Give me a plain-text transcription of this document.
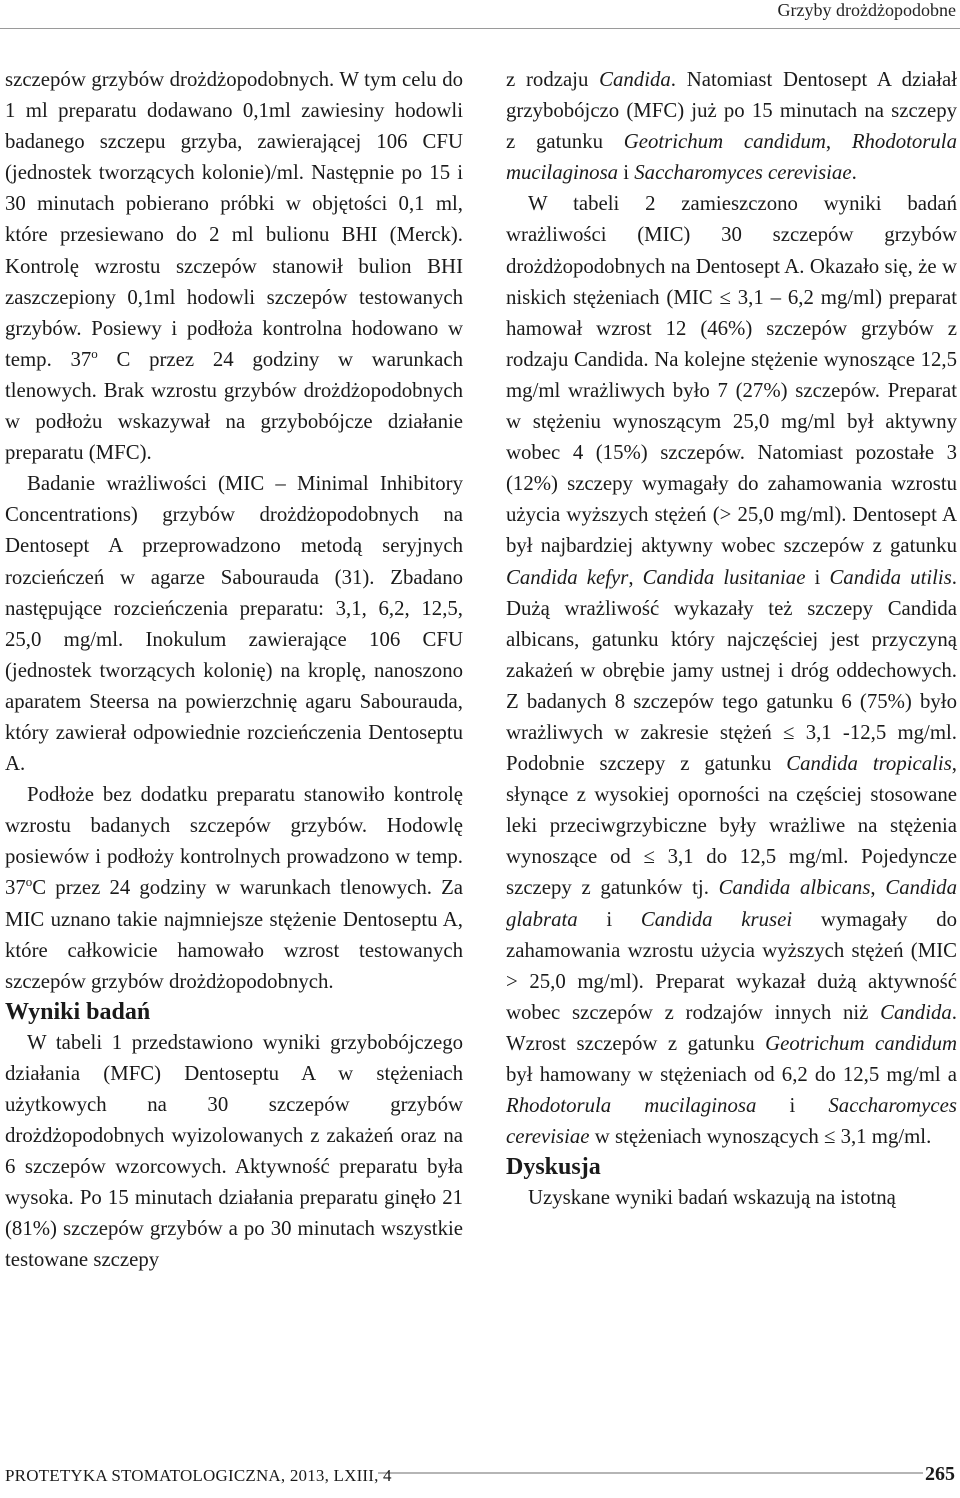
Grzyby drożdżopodobne

szczepów grzybów drożdżopodobnych. W tym celu do 1 ml preparatu dodawano 0,1ml zawiesiny hodowli badanego szczepu grzyba, zawierającej 106 CFU (jednostek tworzących kolonie)/ml. Następnie po 15 i 30 minutach pobierano próbki w objętości 0,1 ml, które przesiewano do 2 ml bulionu BHI (Merck). Kontrolę wzrostu szczepów stanowił bulion BHI zaszczepiony 0,1ml hodowli szczepów testowanych grzybów. Posiewy i podłoża kontrolna hodowano w temp. 37$^o$ C przez 24 godziny w warunkach tlenowych. Brak wzrostu grzybów drożdżopodobnych w podłożu wskazywał na grzybobójcze działanie preparatu (MFC).

Badanie wrażliwości (MIC – Minimal Inhibitory Concentrations) grzybów drożdżopodobnych na Dentosept A przeprowadzono metodą seryjnych rozcieńczeń w agarze Sabourauda (31). Zbadano następujące rozcieńczenia preparatu: 3,1, 6,2, 12,5, 25,0 mg/ml. Inokulum zawierające 106 CFU (jednostek tworzących kolonię) na kroplę, nanoszono aparatem Steersa na powierzchnię agaru Sabourauda, który zawierał odpowiednie rozcieńczenia Dentoseptu A.

Podłoże bez dodatku preparatu stanowiło kontrolę wzrostu badanych szczepów grzybów. Hodowlę posiewów i podłoży kontrolnych prowadzono w temp. 37$^o$C przez 24 godziny w warunkach tlenowych. Za MIC uznano takie najmniejsze stężenie Dentoseptu A, które całkowicie hamowało wzrost testowanych szczepów grzybów drożdżopodobnych.

Wyniki badań

W tabeli 1 przedstawiono wyniki grzybobójczego działania (MFC) Dentoseptu A w stężeniach użytkowych na 30 szczepów grzybów drożdżopodobnych wyizolowanych z zakażeń oraz na 6 szczepów wzorcowych. Aktywność preparatu była wysoka. Po 15 minutach działania preparatu ginęło 21 (81%) szczepów grzybów a po 30 minutach wszystkie testowane szczepy

z rodzaju Candida. Natomiast Dentosept A działał grzybobójczo (MFC) już po 15 minutach na szczepy z gatunku Geotrichum candidum, Rhodotorula mucilaginosa i Saccharomyces cerevisiae.

W tabeli 2 zamieszczono wyniki badań wrażliwości (MIC) 30 szczepów grzybów drożdżopodobnych na Dentosept A. Okazało się, że w niskich stężeniach (MIC ≤ 3,1 – 6,2 mg/ml) preparat hamował wzrost 12 (46%) szczepów grzybów z rodzaju Candida. Na kolejne stężenie wynoszące 12,5 mg/ml wrażliwych było 7 (27%) szczepów. Preparat w stężeniu wynoszącym 25,0 mg/ml był aktywny wobec 4 (15%) szczepów. Natomiast pozostałe 3 (12%) szczepy wymagały do zahamowania wzrostu użycia wyższych stężeń (> 25,0 mg/ml). Dentosept A był najbardziej aktywny wobec szczepów z gatunku Candida kefyr, Candida lusitaniae i Candida utilis. Dużą wrażliwość wykazały też szczepy Candida albicans, gatunku który najczęściej jest przyczyną zakażeń w obrębie jamy ustnej i dróg oddechowych. Z badanych 8 szczepów tego gatunku 6 (75%) było wrażliwych w zakresie stężeń ≤ 3,1 -12,5 mg/ml. Podobnie szczepy z gatunku Candida tropicalis, słynące z wysokiej oporności na częściej stosowane leki przeciwgrzybiczne były wrażliwe na stężenia wynoszące od ≤ 3,1 do 12,5 mg/ml. Pojedyncze szczepy z gatunków tj. Candida albicans, Candida glabrata i Candida krusei wymagały do zahamowania wzrostu użycia wyższych stężeń (MIC > 25,0 mg/ml). Preparat wykazał dużą aktywność wobec szczepów z rodzajów innych niż Candida. Wzrost szczepów z gatunku Geotrichum candidum był hamowany w stężeniach od 6,2 do 12,5 mg/ml a Rhodotorula mucilaginosa i Saccharomyces cerevisiae w stężeniach wynoszących ≤ 3,1 mg/ml.

Dyskusja

Uzyskane wyniki badań wskazują na istotną

PROTETYKA STOMATOLOGICZNA, 2013, LXIII, 4	265
